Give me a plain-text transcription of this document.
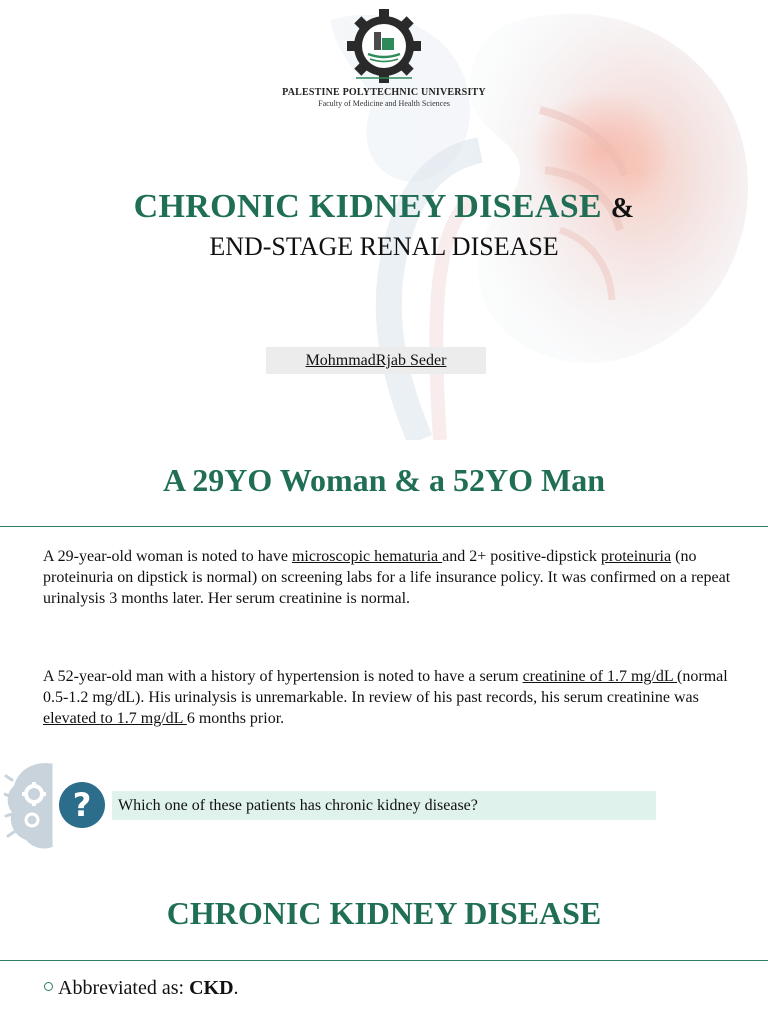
PALESTINE POLYTECHNIC UNIVERSITY
Faculty of Medicine and Health Sciences
CHRONIC KIDNEY DISEASE &
END-STAGE RENAL DISEASE
MohmmadRjab Seder
A 29YO Woman & a 52YO Man

A 29-year-old woman is noted to have microscopic hematuria and 2+ positive-dipstick proteinuria (no proteinuria on dipstick is normal) on screening labs for a life insurance policy. It was confirmed on a repeat urinalysis 3 months later. Her serum creatinine is normal.

A 52-year-old man with a history of hypertension is noted to have a serum creatinine of 1.7 mg/dL (normal 0.5-1.2 mg/dL). His urinalysis is unremarkable. In review of his past records, his serum creatinine was elevated to 1.7 mg/dL 6 months prior.

?	Which one of these patients has chronic kidney disease?
CHRONIC KIDNEY DISEASE
Abbreviated as: CKD.
